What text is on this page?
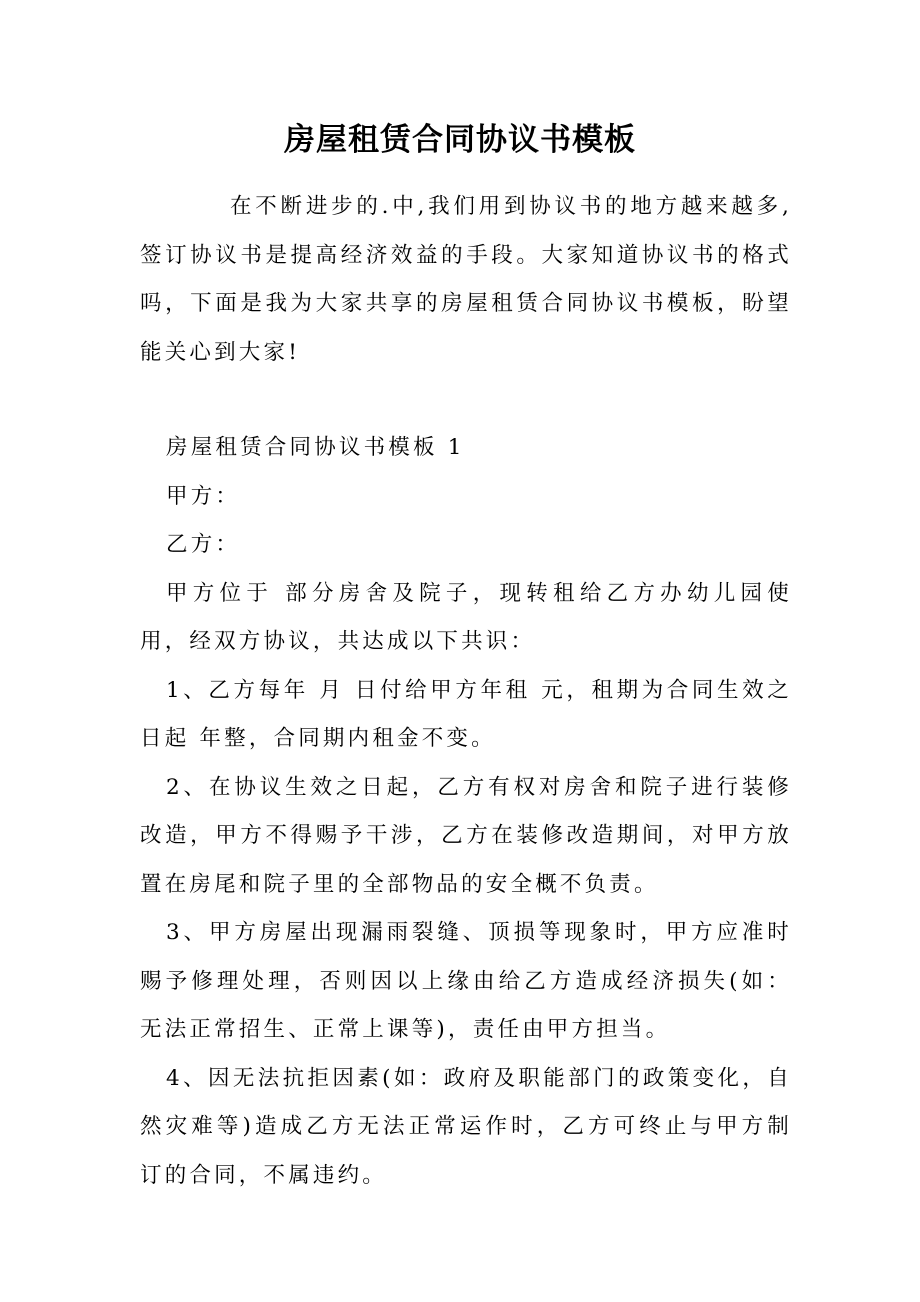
房屋租赁合同协议书模板

在不断进步的.中,我们用到协议书的地方越来越多,签订协议书是提高经济效益的手段。大家知道协议书的格式吗，下面是我为大家共享的房屋租赁合同协议书模板，盼望能关心到大家!

房屋租赁合同协议书模板 1

甲方：

乙方：

甲方位于 部分房舍及院子，现转租给乙方办幼儿园使用，经双方协议，共达成以下共识：

1、乙方每年 月 日付给甲方年租 元，租期为合同生效之日起 年整，合同期内租金不变。

2、在协议生效之日起，乙方有权对房舍和院子进行装修改造，甲方不得赐予干涉，乙方在装修改造期间，对甲方放置在房尾和院子里的全部物品的安全概不负责。

3、甲方房屋出现漏雨裂缝、顶损等现象时，甲方应准时赐予修理处理，否则因以上缘由给乙方造成经济损失(如：无法正常招生、正常上课等)，责任由甲方担当。

4、因无法抗拒因素(如：政府及职能部门的政策变化，自然灾难等)造成乙方无法正常运作时，乙方可终止与甲方制订的合同，不属违约。
